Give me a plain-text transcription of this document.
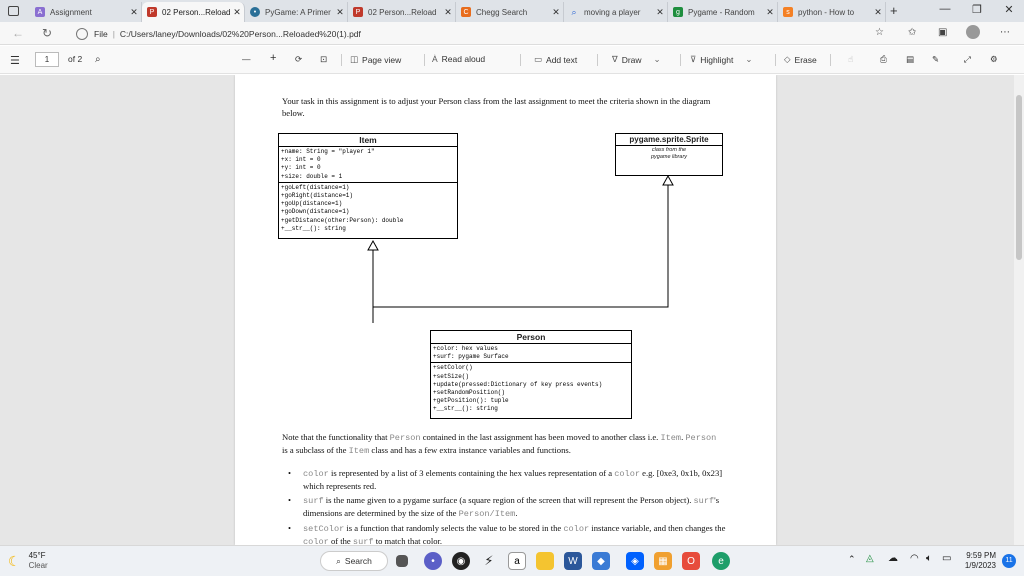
A Assignment	✕	P 02 Person...Reload ✕	•	PyGame: A Primer ✕	P 02 Person...Reload ✕	C Chegg Search	✕	⌕ moving a player	✕	g	Pygame - Random	✕	s	python - How to	✕ +	—	❐	✕
← ↻	File | C:/Users/laney/Downloads/02%20Person...Reloaded%20(1).pdf	☆ ✩ ▣	⋯
☰	1	of 2 ⌕	— + ⟳ ⊡	◫ Page view	A͗ Read aloud	▭ Add text	∇ Draw ⌄	⊽ Highlight ⌄	◇ Erase	☝	⎙ ▤ ✎	⤢ ⚙

Your task in this assignment is to adjust your Person class from the last assignment to meet the criteria shown in the diagram below.

Item
+name: String = "player 1"
+x: int = 0
+y: int = 0
+size: double = 1
+goLeft(distance=1)
+goRight(distance=1)
+goUp(distance=1)
+goDown(distance=1)
+getDistance(other:Person): double
+__str__(): string
pygame.sprite.Sprite
class from the
pygame library
Person
+color: hex values
+surf: pygame Surface
+setColor()
+setSize()
+update(pressed:Dictionary of key press events)
+setRandomPosition()
+getPosition(): tuple
+__str__(): string

Note that the functionality that Person contained in the last assignment has been moved to another class i.e. Item. Person is a subclass of the Item class and has a few extra instance variables and functions.

• color is represented by a list of 3 elements containing the hex values representation of a color e.g. [0xe3, 0x1b, 0x23] which represents red.
• surf is the name given to a pygame surface (a square region of the screen that will represent the Person object). surf's dimensions are determined by the size of the Person/Item.
• setColor is a function that randomly selects the value to be stored in the color instance variable, and then changes the color of the surf to match that color.
☾ 45°F
Clear	⌕ Search	•	◉	⚡	a	W	◆	◈	▦	O	e	⌃ ◬ ☁ ◠ 🔈︎ ▭	9:59 PM
1/9/2023
11
